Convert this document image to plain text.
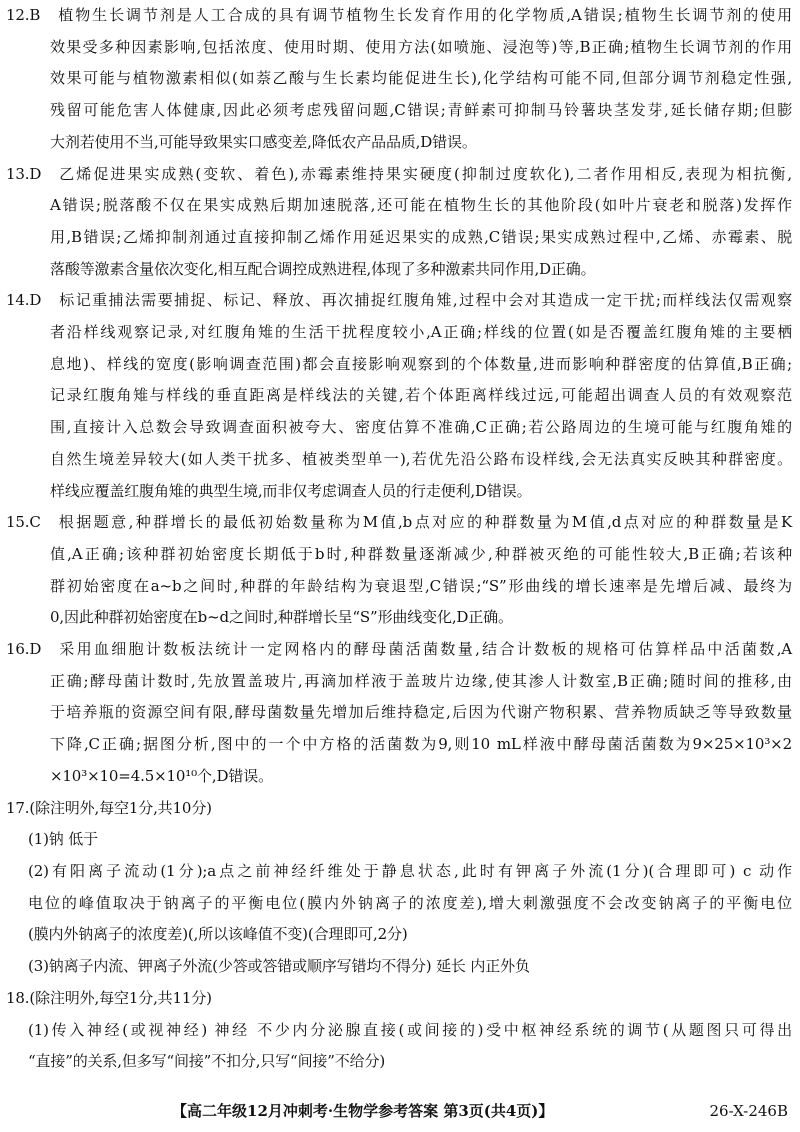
12.B 植物生长调节剂是人工合成的具有调节植物生长发育作用的化学物质,A错误;植物生长调节剂的使用
效果受多种因素影响,包括浓度、使用时期、使用方法(如喷施、浸泡等)等,B正确;植物生长调节剂的作用
效果可能与植物激素相似(如萘乙酸与生长素均能促进生长),化学结构可能不同,但部分调节剂稳定性强,
残留可能危害人体健康,因此必须考虑残留问题,C错误;青鲜素可抑制马铃薯块茎发芽,延长储存期;但膨
大剂若使用不当,可能导致果实口感变差,降低农产品品质,D错误。
13.D 乙烯促进果实成熟(变软、着色),赤霉素维持果实硬度(抑制过度软化),二者作用相反,表现为相抗衡,
A错误;脱落酸不仅在果实成熟后期加速脱落,还可能在植物生长的其他阶段(如叶片衰老和脱落)发挥作
用,B错误;乙烯抑制剂通过直接抑制乙烯作用延迟果实的成熟,C错误;果实成熟过程中,乙烯、赤霉素、脱
落酸等激素含量依次变化,相互配合调控成熟进程,体现了多种激素共同作用,D正确。
14.D 标记重捕法需要捕捉、标记、释放、再次捕捉红腹角雉,过程中会对其造成一定干扰;而样线法仅需观察
者沿样线观察记录,对红腹角雉的生活干扰程度较小,A正确;样线的位置(如是否覆盖红腹角雉的主要栖
息地)、样线的宽度(影响调查范围)都会直接影响观察到的个体数量,进而影响种群密度的估算值,B正确;
记录红腹角雉与样线的垂直距离是样线法的关键,若个体距离样线过远,可能超出调查人员的有效观察范
围,直接计入总数会导致调查面积被夸大、密度估算不准确,C正确;若公路周边的生境可能与红腹角雉的
自然生境差异较大(如人类干扰多、植被类型单一),若优先沿公路布设样线,会无法真实反映其种群密度。
样线应覆盖红腹角雉的典型生境,而非仅考虑调查人员的行走便利,D错误。
15.C 根据题意,种群增长的最低初始数量称为M值,b点对应的种群数量为M值,d点对应的种群数量是K
值,A正确;该种群初始密度长期低于b时,种群数量逐渐减少,种群被灭绝的可能性较大,B正确;若该种
群初始密度在a~b之间时,种群的年龄结构为衰退型,C错误;“S”形曲线的增长速率是先增后减、最终为
0,因此种群初始密度在b~d之间时,种群增长呈“S”形曲线变化,D正确。
16.D 采用血细胞计数板法统计一定网格内的酵母菌活菌数量,结合计数板的规格可估算样品中活菌数,A
正确;酵母菌计数时,先放置盖玻片,再滴加样液于盖玻片边缘,使其渗人计数室,B正确;随时间的推移,由
于培养瓶的资源空间有限,酵母菌数量先增加后维持稳定,后因为代谢产物积累、营养物质缺乏等导致数量
下降,C正确;据图分析,图中的一个中方格的活菌数为9,则10 mL样液中酵母菌活菌数为9×25×10³×2
×10³×10=4.5×10¹⁰个,D错误。
17.(除注明外,每空1分,共10分)
(1)钠 低于
(2)有阳离子流动(1分);a点之前神经纤维处于静息状态,此时有钾离子外流(1分)(合理即可) c 动作
电位的峰值取决于钠离子的平衡电位(膜内外钠离子的浓度差),增大刺激强度不会改变钠离子的平衡电位
(膜内外钠离子的浓度差)(,所以该峰值不变)(合理即可,2分)
(3)钠离子内流、钾离子外流(少答或答错或顺序写错均不得分) 延长 内正外负
18.(除注明外,每空1分,共11分)
(1)传入神经(或视神经) 神经 不少内分泌腺直接(或间接的)受中枢神经系统的调节(从题图只可得出
“直接”的关系,但多写“间接”不扣分,只写“间接”不给分)
【高二年级12月冲刺考·生物学参考答案 第3页(共4页)】	26-X-246B
